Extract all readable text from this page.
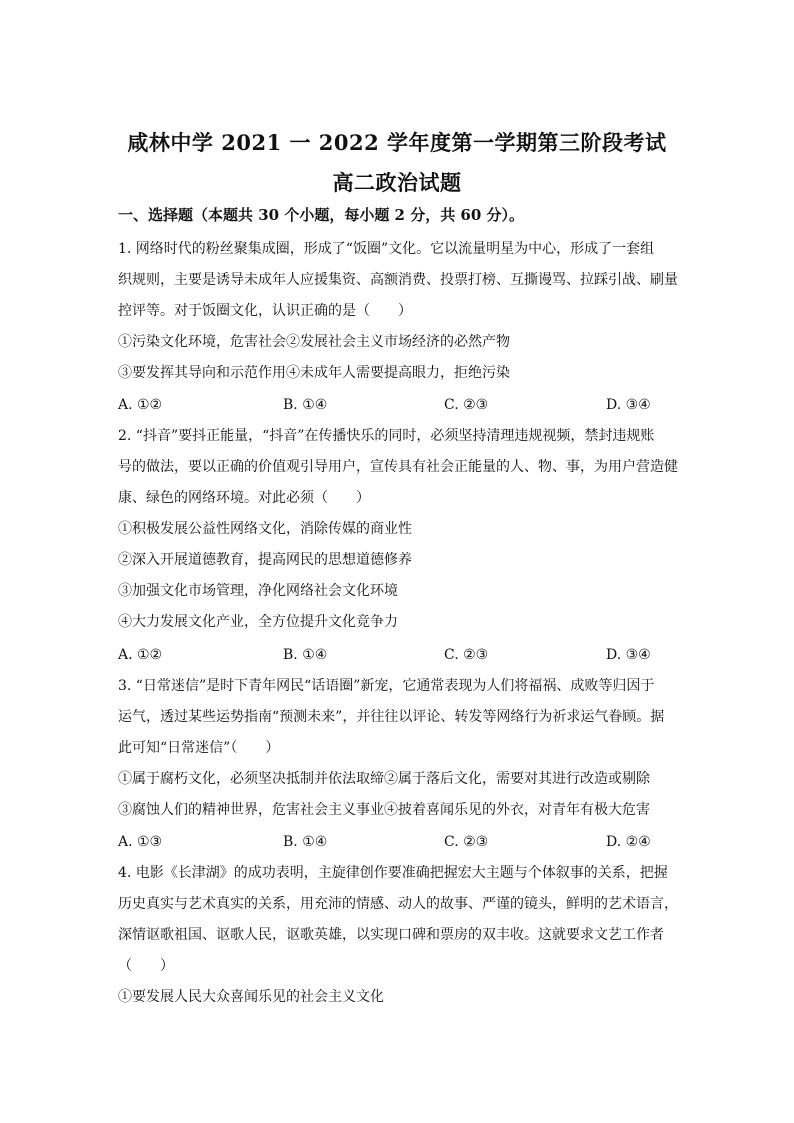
咸林中学 2021 一 2022 学年度第一学期第三阶段考试
高二政治试题
一、选择题（本题共 30 个小题，每小题 2 分，共 60 分）。
1. 网络时代的粉丝聚集成圈，形成了“饭圈”文化。它以流量明星为中心，形成了一套组
织规则，主要是诱导未成年人应援集资、高额消费、投票打榜、互撕谩骂、拉踩引战、刷量
控评等。对于饭圈文化，认识正确的是（　　）
①污染文化环境，危害社会②发展社会主义市场经济的必然产物
③要发挥其导向和示范作用④未成年人需要提高眼力，拒绝污染
A. ①②	B. ①④	C. ②③	D. ③④
2. “抖音”要抖正能量，“抖音”在传播快乐的同时，必须坚持清理违规视频，禁封违规账
号的做法，要以正确的价值观引导用户，宣传具有社会正能量的人、物、事，为用户营造健
康、绿色的网络环境。对此必须（　　）
①积极发展公益性网络文化，消除传媒的商业性
②深入开展道德教育，提高网民的思想道德修养
③加强文化市场管理，净化网络社会文化环境
④大力发展文化产业，全方位提升文化竞争力
A. ①②	B. ①④	C. ②③	D. ③④
3. “日常迷信”是时下青年网民“话语圈”新宠，它通常表现为人们将福祸、成败等归因于
运气，透过某些运势指南“预测未来”，并往往以评论、转发等网络行为祈求运气眷顾。据
此可知“日常迷信”（　　）
①属于腐朽文化，必须坚决抵制并依法取缔②属于落后文化，需要对其进行改造或剔除
③腐蚀人们的精神世界，危害社会主义事业④披着喜闻乐见的外衣，对青年有极大危害
A. ①③	B. ①④	C. ②③	D. ②④
4. 电影《长津湖》的成功表明，主旋律创作要准确把握宏大主题与个体叙事的关系，把握
历史真实与艺术真实的关系，用充沛的情感、动人的故事、严谨的镜头，鲜明的艺术语言，
深情讴歌祖国、讴歌人民，讴歌英雄，以实现口碑和票房的双丰收。这就要求文艺工作者
（　　）
①要发展人民大众喜闻乐见的社会主义文化
